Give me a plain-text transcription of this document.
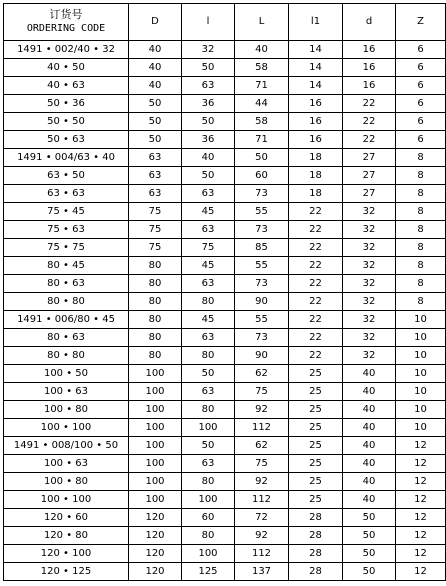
订货号
ORDERING CODE	D	l	L	l1	d	Z
1491 • 002/40 • 32	40	32	40	14	16	6
40 • 50	40	50	58	14	16	6
40 • 63	40	63	71	14	16	6
50 • 36	50	36	44	16	22	6
50 • 50	50	50	58	16	22	6
50 • 63	50	36	71	16	22	6
1491 • 004/63 • 40	63	40	50	18	27	8
63 • 50	63	50	60	18	27	8
63 • 63	63	63	73	18	27	8
75 • 45	75	45	55	22	32	8
75 • 63	75	63	73	22	32	8
75 • 75	75	75	85	22	32	8
80 • 45	80	45	55	22	32	8
80 • 63	80	63	73	22	32	8
80 • 80	80	80	90	22	32	8
1491 • 006/80 • 45	80	45	55	22	32	10
80 • 63	80	63	73	22	32	10
80 • 80	80	80	90	22	32	10
100 • 50	100	50	62	25	40	10
100 • 63	100	63	75	25	40	10
100 • 80	100	80	92	25	40	10
100 • 100	100	100	112	25	40	10
1491 • 008/100 • 50	100	50	62	25	40	12
100 • 63	100	63	75	25	40	12
100 • 80	100	80	92	25	40	12
100 • 100	100	100	112	25	40	12
120 • 60	120	60	72	28	50	12
120 • 80	120	80	92	28	50	12
120 • 100	120	100	112	28	50	12
120 • 125	120	125	137	28	50	12
